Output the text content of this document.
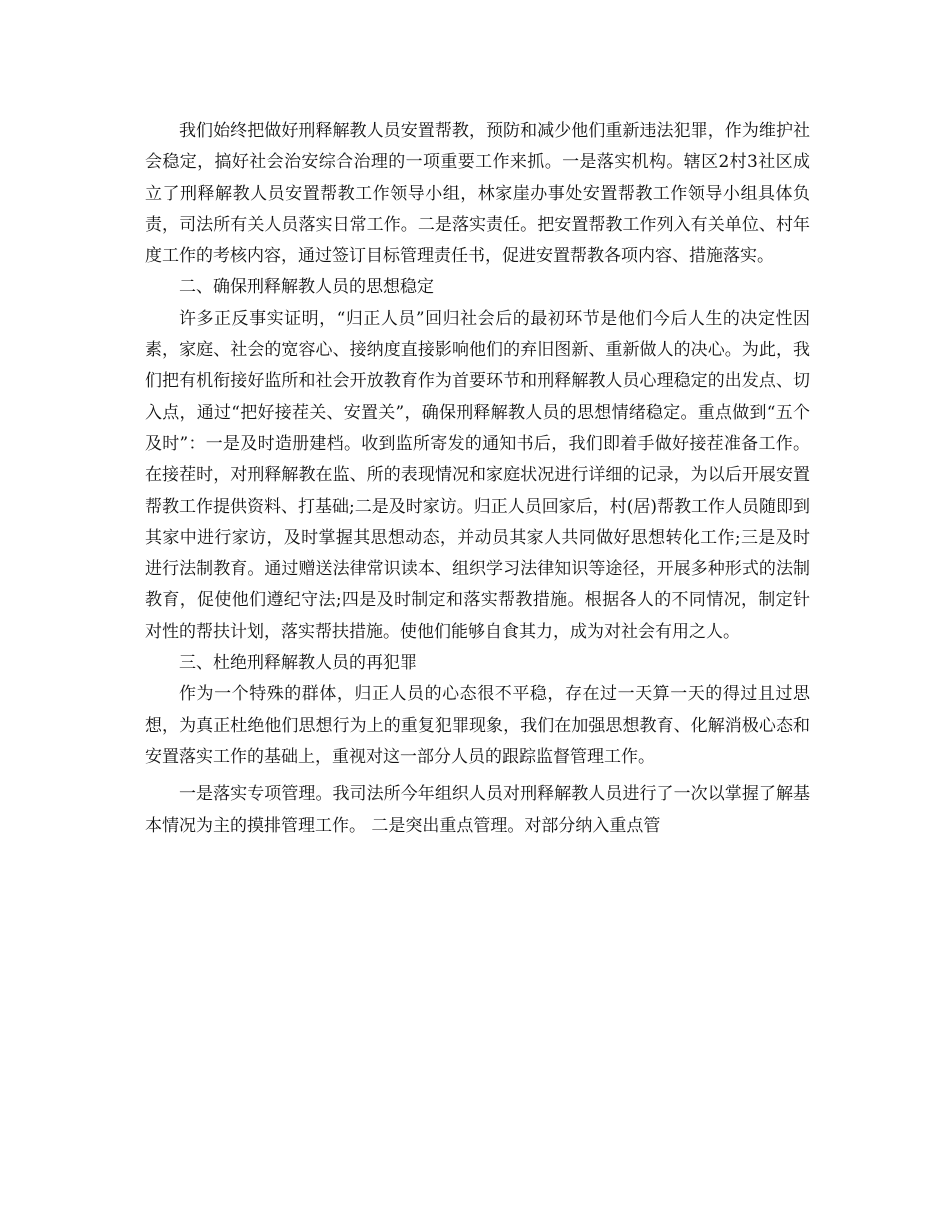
我们始终把做好刑释解教人员安置帮教，预防和减少他们重新违法犯罪，作为维护社会稳定，搞好社会治安综合治理的一项重要工作来抓。一是落实机构。辖区2村3社区成立了刑释解教人员安置帮教工作领导小组，林家崖办事处安置帮教工作领导小组具体负责，司法所有关人员落实日常工作。二是落实责任。把安置帮教工作列入有关单位、村年度工作的考核内容，通过签订目标管理责任书，促进安置帮教各项内容、措施落实。

二、确保刑释解教人员的思想稳定

许多正反事实证明，“归正人员”回归社会后的最初环节是他们今后人生的决定性因素，家庭、社会的宽容心、接纳度直接影响他们的弃旧图新、重新做人的决心。为此，我们把有机衔接好监所和社会开放教育作为首要环节和刑释解教人员心理稳定的出发点、切入点，通过“把好接茬关、安置关”，确保刑释解教人员的思想情绪稳定。重点做到“五个及时”：一是及时造册建档。收到监所寄发的通知书后，我们即着手做好接茬准备工作。在接茬时，对刑释解教在监、所的表现情况和家庭状况进行详细的记录，为以后开展安置帮教工作提供资料、打基础;二是及时家访。归正人员回家后，村(居)帮教工作人员随即到其家中进行家访，及时掌握其思想动态，并动员其家人共同做好思想转化工作;三是及时进行法制教育。通过赠送法律常识读本、组织学习法律知识等途径，开展多种形式的法制教育，促使他们遵纪守法;四是及时制定和落实帮教措施。根据各人的不同情况，制定针对性的帮扶计划，落实帮扶措施。使他们能够自食其力，成为对社会有用之人。

三、杜绝刑释解教人员的再犯罪

作为一个特殊的群体，归正人员的心态很不平稳，存在过一天算一天的得过且过思想，为真正杜绝他们思想行为上的重复犯罪现象，我们在加强思想教育、化解消极心态和安置落实工作的基础上，重视对这一部分人员的跟踪监督管理工作。

一是落实专项管理。我司法所今年组织人员对刑释解教人员进行了一次以掌握了解基本情况为主的摸排管理工作。 二是突出重点管理。对部分纳入重点管
